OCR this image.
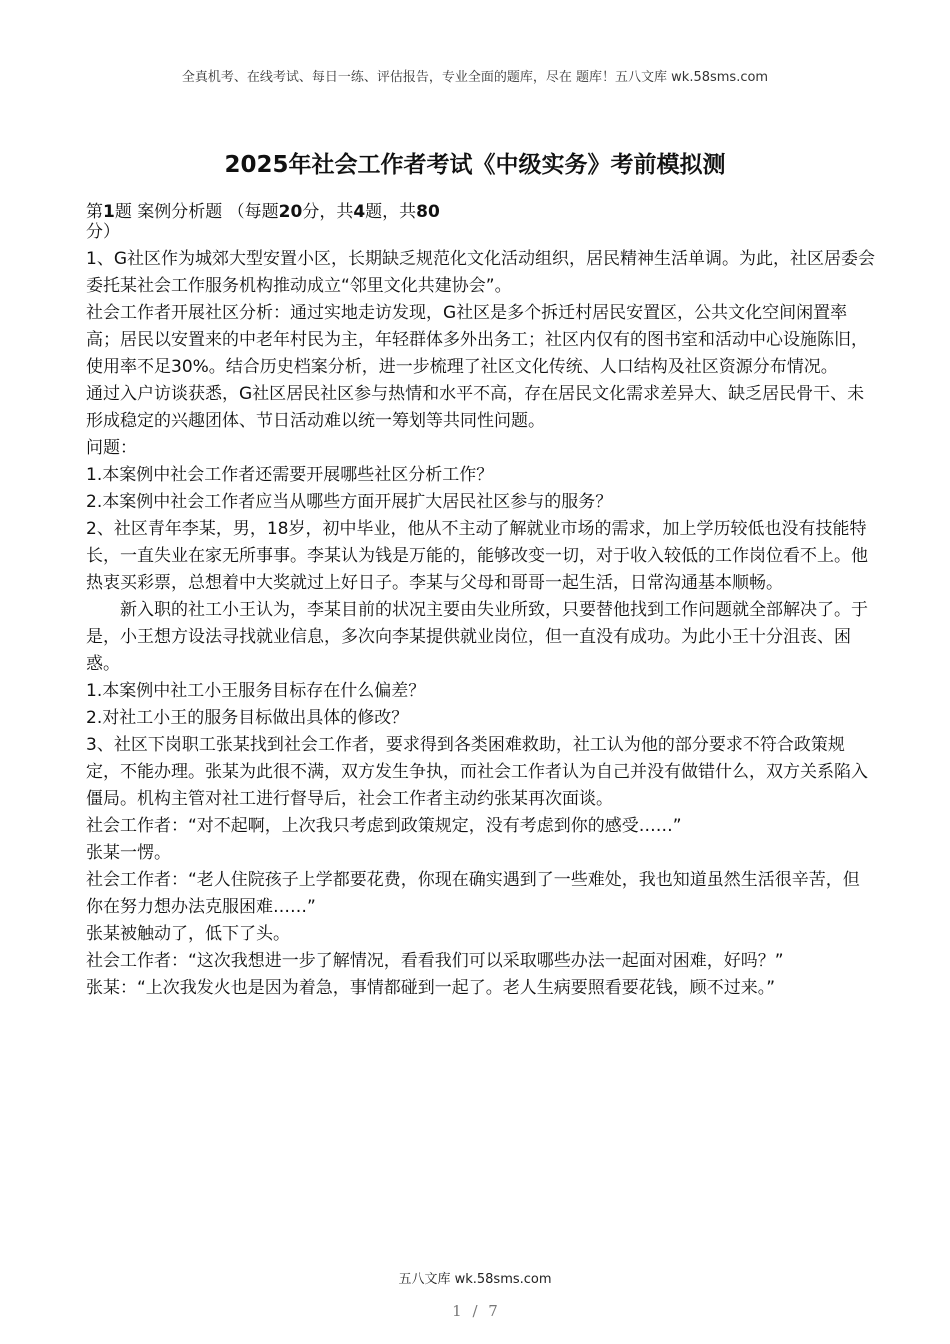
全真机考、在线考试、每日一练、评估报告，专业全面的题库，尽在 题库！五八文库 wk.58sms.com
2025年社会工作者考试《中级实务》考前模拟测
第1题 案例分析题 （每题20分，共4题，共80
分）

1、G社区作为城郊大型安置小区，长期缺乏规范化文化活动组织，居民精神生活单调。为此，社区居委会委托某社会工作服务机构推动成立“邻里文化共建协会”。

社会工作者开展社区分析：通过实地走访发现，G社区是多个拆迁村居民安置区，公共文化空间闲置率高；居民以安置来的中老年村民为主，年轻群体多外出务工；社区内仅有的图书室和活动中心设施陈旧，使用率不足30%。结合历史档案分析，进一步梳理了社区文化传统、人口结构及社区资源分布情况。

通过入户访谈获悉，G社区居民社区参与热情和水平不高，存在居民文化需求差异大、缺乏居民骨干、未形成稳定的兴趣团体、节日活动难以统一筹划等共同性问题。

问题：

1.本案例中社会工作者还需要开展哪些社区分析工作？

2.本案例中社会工作者应当从哪些方面开展扩大居民社区参与的服务？

2、社区青年李某，男，18岁，初中毕业，他从不主动了解就业市场的需求，加上学历较低也没有技能特长，一直失业在家无所事事。李某认为钱是万能的，能够改变一切，对于收入较低的工作岗位看不上。他热衷买彩票，总想着中大奖就过上好日子。李某与父母和哥哥一起生活，日常沟通基本顺畅。

新入职的社工小王认为，李某目前的状况主要由失业所致，只要替他找到工作问题就全部解决了。于是，小王想方设法寻找就业信息，多次向李某提供就业岗位，但一直没有成功。为此小王十分沮丧、困惑。

1.本案例中社工小王服务目标存在什么偏差？

2.对社工小王的服务目标做出具体的修改？

3、社区下岗职工张某找到社会工作者，要求得到各类困难救助，社工认为他的部分要求不符合政策规定，不能办理。张某为此很不满，双方发生争执，而社会工作者认为自己并没有做错什么，双方关系陷入僵局。机构主管对社工进行督导后，社会工作者主动约张某再次面谈。

社会工作者：“对不起啊，上次我只考虑到政策规定，没有考虑到你的感受……”

张某一愣。

社会工作者：“老人住院孩子上学都要花费，你现在确实遇到了一些难处，我也知道虽然生活很辛苦，但你在努力想办法克服困难……”

张某被触动了，低下了头。

社会工作者：“这次我想进一步了解情况，看看我们可以采取哪些办法一起面对困难，好吗？”

张某：“上次我发火也是因为着急，事情都碰到一起了。老人生病要照看要花钱，顾不过来。”

五八文库 wk.58sms.com
1 / 7
